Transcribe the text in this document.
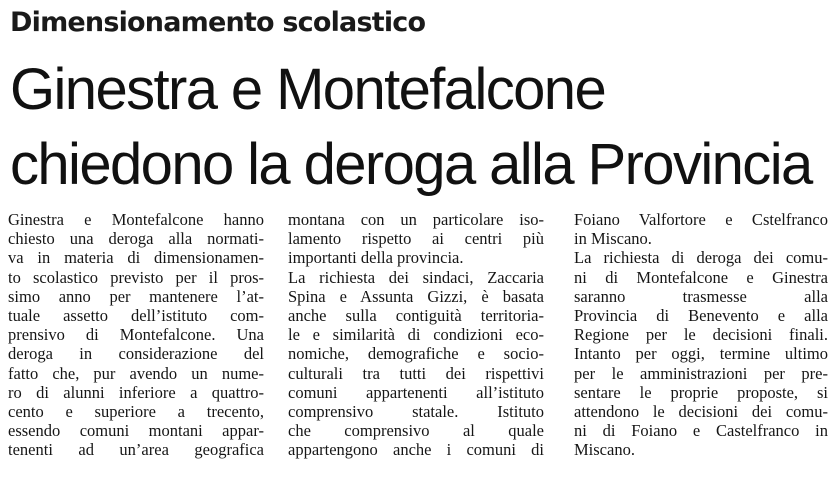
Dimensionamento scolastico
Ginestra e Montefalcone
chiedono la deroga alla Provincia
Ginestra e Montefalcone hanno
chiesto una deroga alla normati-
va in materia di dimensionamen-
to scolastico previsto per il pros-
simo anno per mantenere l’at-
tuale assetto dell’istituto com-
prensivo di Montefalcone. Una
deroga in considerazione del
fatto che, pur avendo un nume-
ro di alunni inferiore a quattro-
cento e superiore a trecento,
essendo comuni montani appar-
tenenti ad un’area geografica
montana con un particolare iso-
lamento rispetto ai centri più
importanti della provincia.
La richiesta dei sindaci, Zaccaria
Spina e Assunta Gizzi, è basata
anche sulla contiguità territoria-
le e similarità di condizioni eco-
nomiche, demografiche e socio-
culturali tra tutti dei rispettivi
comuni appartenenti all’istituto
comprensivo statale. Istituto
che comprensivo al quale
appartengono anche i comuni di
Foiano Valfortore e Cstelfranco
in Miscano.
La richiesta di deroga dei comu-
ni di Montefalcone e Ginestra
saranno trasmesse alla
Provincia di Benevento e alla
Regione per le decisioni finali.
Intanto per oggi, termine ultimo
per le amministrazioni per pre-
sentare le proprie proposte, si
attendono le decisioni dei comu-
ni di Foiano e Castelfranco in
Miscano.
